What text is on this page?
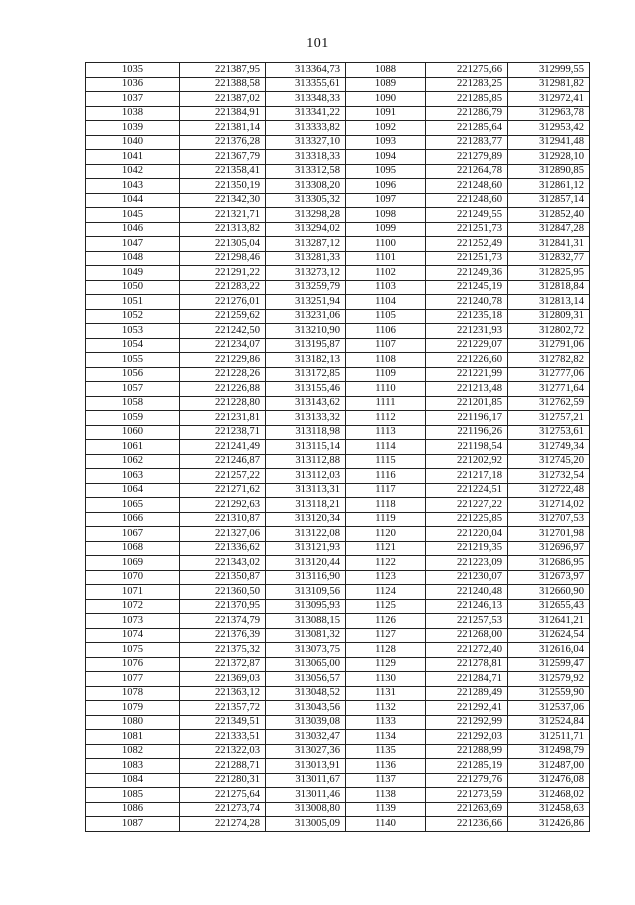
101
1035	221387,95	313364,73	1088	221275,66	312999,55
1036	221388,58	313355,61	1089	221283,25	312981,82
1037	221387,02	313348,33	1090	221285,85	312972,41
1038	221384,91	313341,22	1091	221286,79	312963,78
1039	221381,14	313333,82	1092	221285,64	312953,42
1040	221376,28	313327,10	1093	221283,77	312941,48
1041	221367,79	313318,33	1094	221279,89	312928,10
1042	221358,41	313312,58	1095	221264,78	312890,85
1043	221350,19	313308,20	1096	221248,60	312861,12
1044	221342,30	313305,32	1097	221248,60	312857,14
1045	221321,71	313298,28	1098	221249,55	312852,40
1046	221313,82	313294,02	1099	221251,73	312847,28
1047	221305,04	313287,12	1100	221252,49	312841,31
1048	221298,46	313281,33	1101	221251,73	312832,77
1049	221291,22	313273,12	1102	221249,36	312825,95
1050	221283,22	313259,79	1103	221245,19	312818,84
1051	221276,01	313251,94	1104	221240,78	312813,14
1052	221259,62	313231,06	1105	221235,18	312809,31
1053	221242,50	313210,90	1106	221231,93	312802,72
1054	221234,07	313195,87	1107	221229,07	312791,06
1055	221229,86	313182,13	1108	221226,60	312782,82
1056	221228,26	313172,85	1109	221221,99	312777,06
1057	221226,88	313155,46	1110	221213,48	312771,64
1058	221228,80	313143,62	1111	221201,85	312762,59
1059	221231,81	313133,32	1112	221196,17	312757,21
1060	221238,71	313118,98	1113	221196,26	312753,61
1061	221241,49	313115,14	1114	221198,54	312749,34
1062	221246,87	313112,88	1115	221202,92	312745,20
1063	221257,22	313112,03	1116	221217,18	312732,54
1064	221271,62	313113,31	1117	221224,51	312722,48
1065	221292,63	313118,21	1118	221227,22	312714,02
1066	221310,87	313120,34	1119	221225,85	312707,53
1067	221327,06	313122,08	1120	221220,04	312701,98
1068	221336,62	313121,93	1121	221219,35	312696,97
1069	221343,02	313120,44	1122	221223,09	312686,95
1070	221350,87	313116,90	1123	221230,07	312673,97
1071	221360,50	313109,56	1124	221240,48	312660,90
1072	221370,95	313095,93	1125	221246,13	312655,43
1073	221374,79	313088,15	1126	221257,53	312641,21
1074	221376,39	313081,32	1127	221268,00	312624,54
1075	221375,32	313073,75	1128	221272,40	312616,04
1076	221372,87	313065,00	1129	221278,81	312599,47
1077	221369,03	313056,57	1130	221284,71	312579,92
1078	221363,12	313048,52	1131	221289,49	312559,90
1079	221357,72	313043,56	1132	221292,41	312537,06
1080	221349,51	313039,08	1133	221292,99	312524,84
1081	221333,51	313032,47	1134	221292,03	312511,71
1082	221322,03	313027,36	1135	221288,99	312498,79
1083	221288,71	313013,91	1136	221285,19	312487,00
1084	221280,31	313011,67	1137	221279,76	312476,08
1085	221275,64	313011,46	1138	221273,59	312468,02
1086	221273,74	313008,80	1139	221263,69	312458,63
1087	221274,28	313005,09	1140	221236,66	312426,86
